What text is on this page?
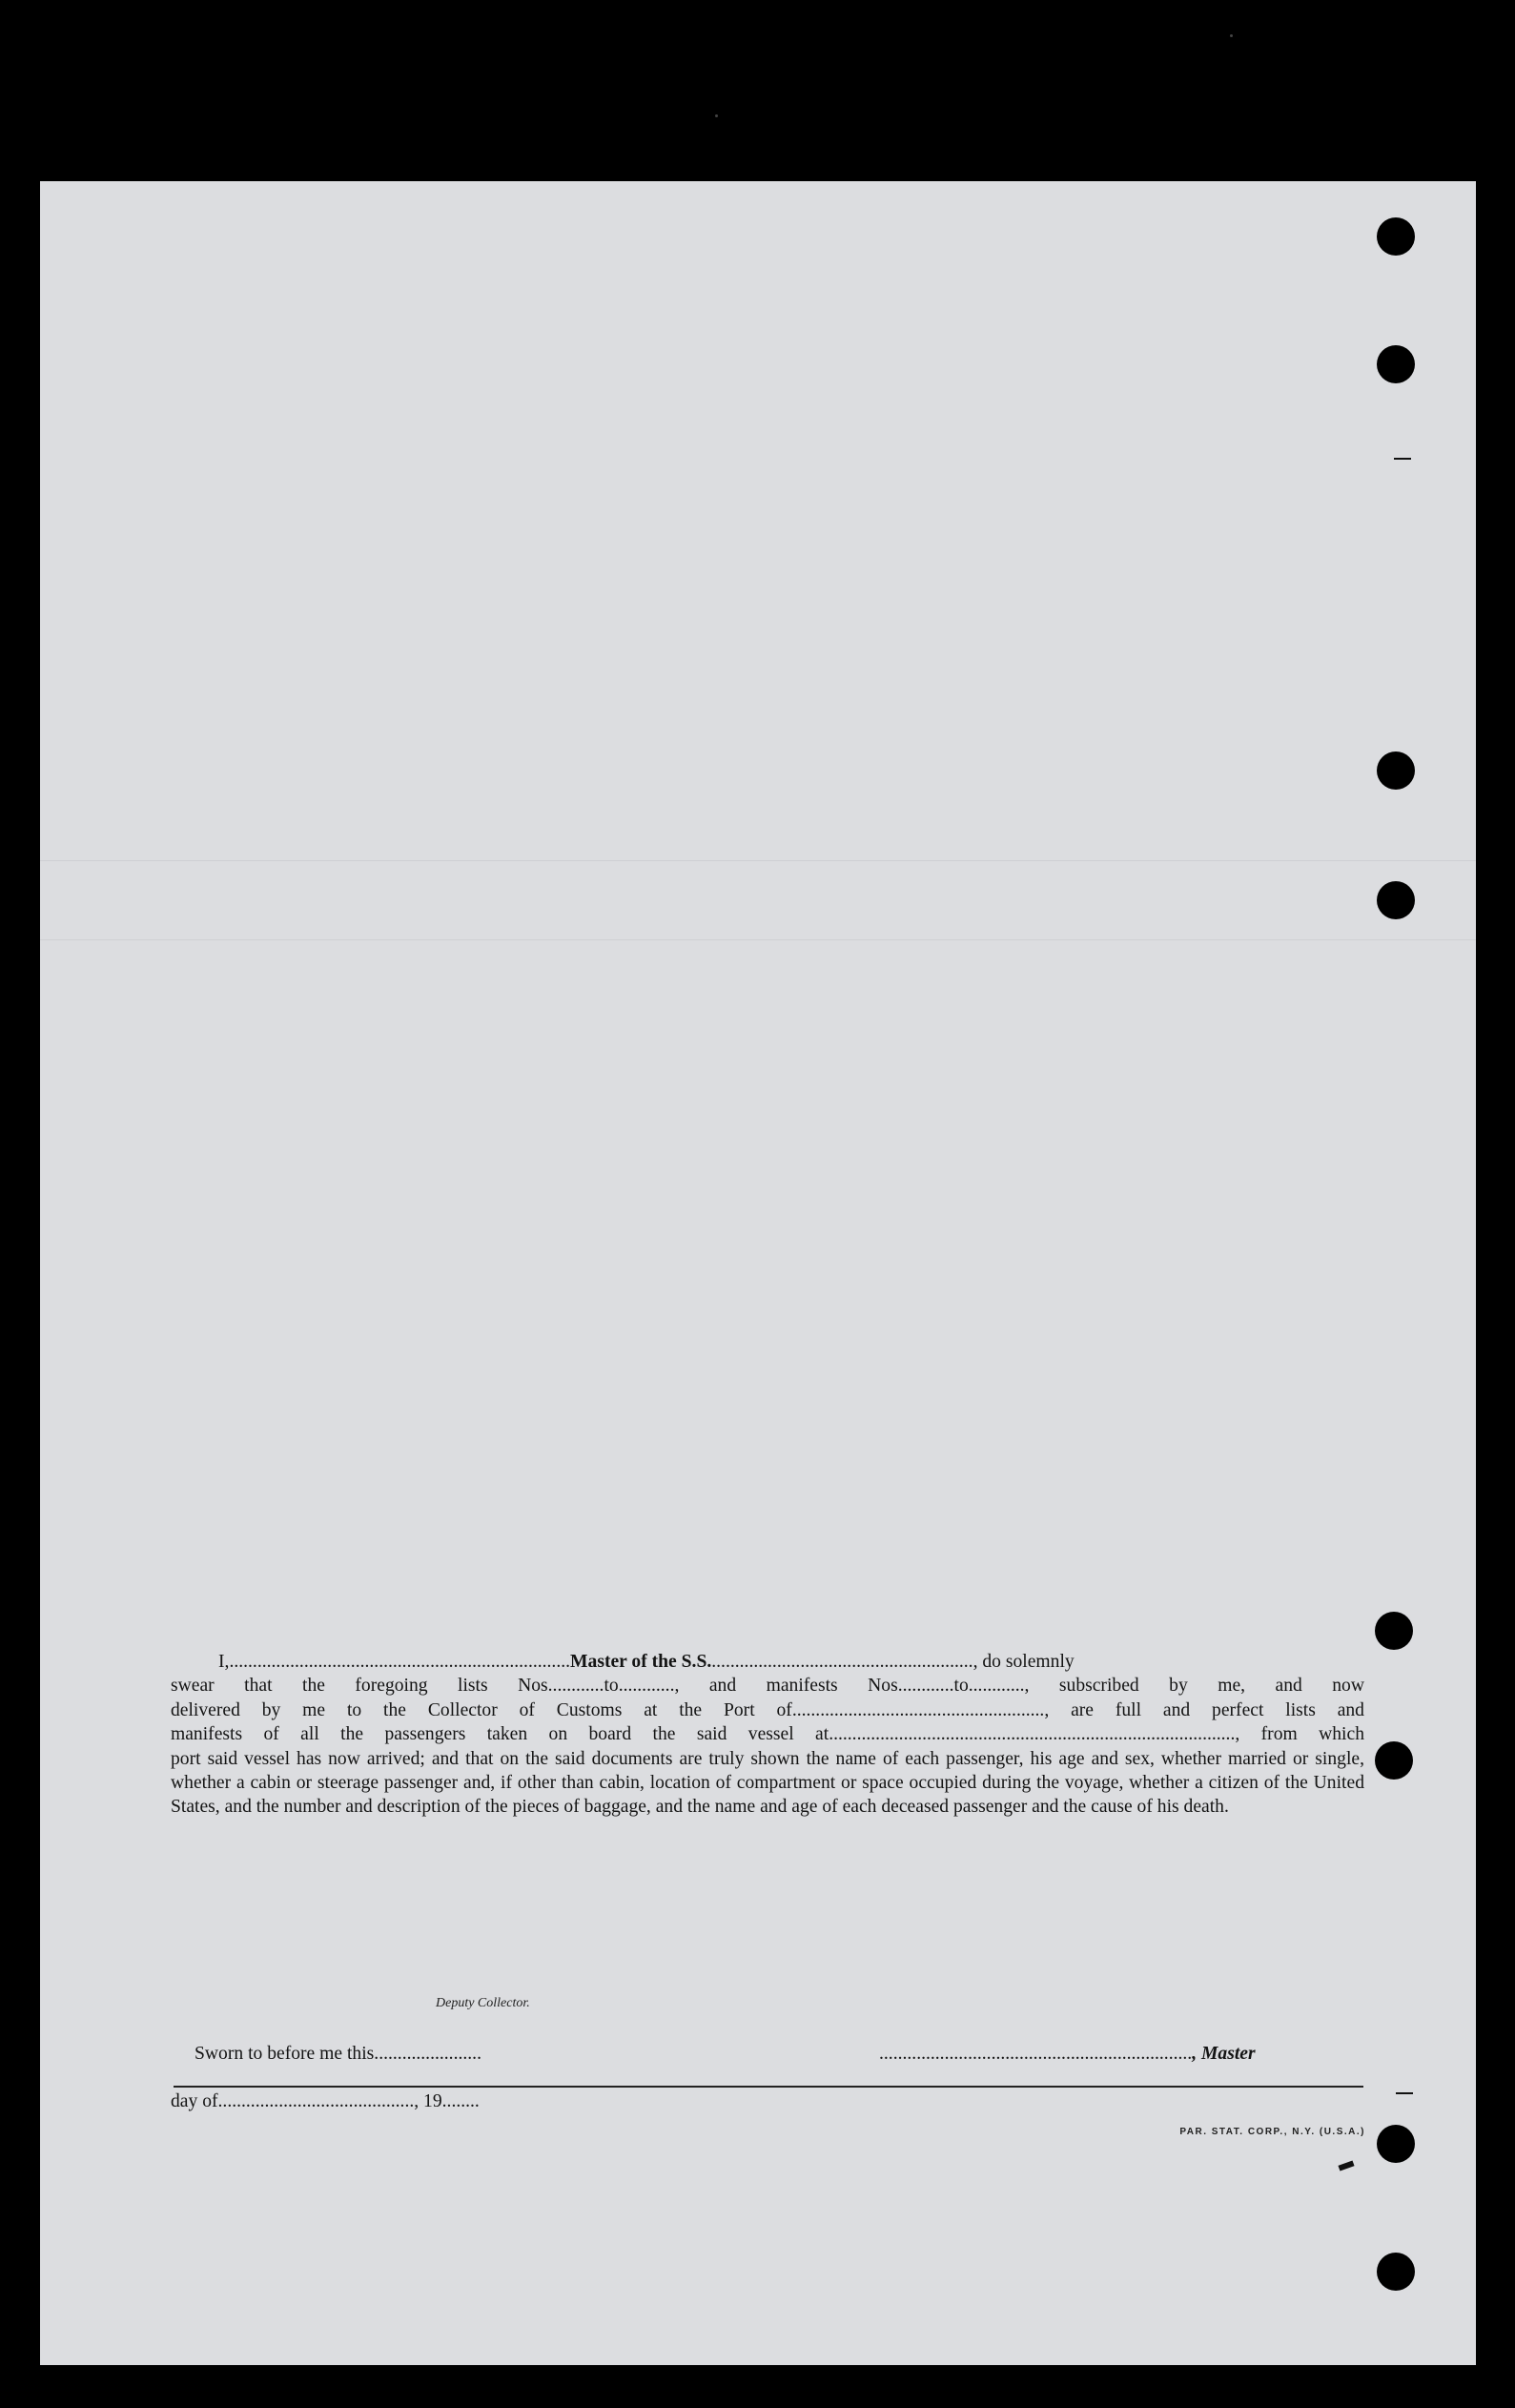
I,.........................................................................Master of the S.S........................................................., do solemnly

swear that the foregoing lists Nos............to............, and manifests Nos............to............, subscribed by me, and now
delivered by me to the Collector of Customs at the Port of......................................................, are full and perfect lists and
manifests of all the passengers taken on board the said vessel at......................................................................................., from which
port said vessel has now arrived; and that on the said documents are truly shown the name of each passenger, his age and sex, whether married or single, whether a cabin or steerage passenger and, if other than cabin, location of compartment or space occupied during the voyage, whether a citizen of the United States, and the number and description of the pieces of baggage, and the name and age of each deceased passenger and the cause of his death.
Sworn to before me this.......................	..................................................................., Master
day of.........................................., 19........
Deputy Collector.
PAR. STAT. CORP., N.Y. (U.S.A.)
